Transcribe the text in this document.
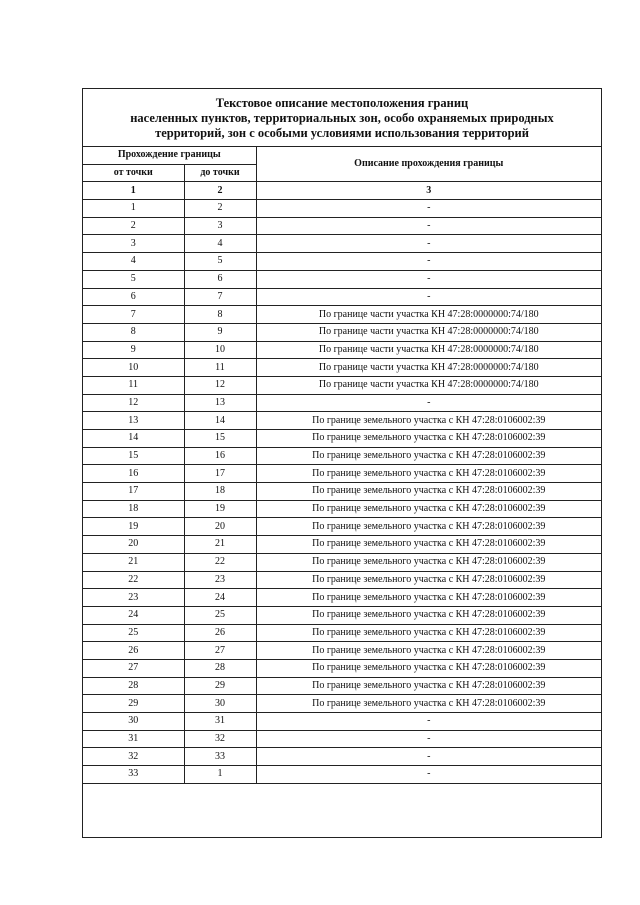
Текстовое описание местоположения границ
населенных пунктов, территориальных зон, особо охраняемых природных
территорий, зон с особыми условиями использования территорий
Прохождение границы		Описание прохождения границы
от точки	до точки	
1	2	3
1	2	-
2	3	-
3	4	-
4	5	-
5	6	-
6	7	-
7	8	По границе части участка КН 47:28:0000000:74/180
8	9	По границе части участка КН 47:28:0000000:74/180
9	10	По границе части участка КН 47:28:0000000:74/180
10	11	По границе части участка КН 47:28:0000000:74/180
11	12	По границе части участка КН 47:28:0000000:74/180
12	13	-
13	14	По границе земельного участка с КН 47:28:0106002:39
14	15	По границе земельного участка с КН 47:28:0106002:39
15	16	По границе земельного участка с КН 47:28:0106002:39
16	17	По границе земельного участка с КН 47:28:0106002:39
17	18	По границе земельного участка с КН 47:28:0106002:39
18	19	По границе земельного участка с КН 47:28:0106002:39
19	20	По границе земельного участка с КН 47:28:0106002:39
20	21	По границе земельного участка с КН 47:28:0106002:39
21	22	По границе земельного участка с КН 47:28:0106002:39
22	23	По границе земельного участка с КН 47:28:0106002:39
23	24	По границе земельного участка с КН 47:28:0106002:39
24	25	По границе земельного участка с КН 47:28:0106002:39
25	26	По границе земельного участка с КН 47:28:0106002:39
26	27	По границе земельного участка с КН 47:28:0106002:39
27	28	По границе земельного участка с КН 47:28:0106002:39
28	29	По границе земельного участка с КН 47:28:0106002:39
29	30	По границе земельного участка с КН 47:28:0106002:39
30	31	-
31	32	-
32	33	-
33	1	-
